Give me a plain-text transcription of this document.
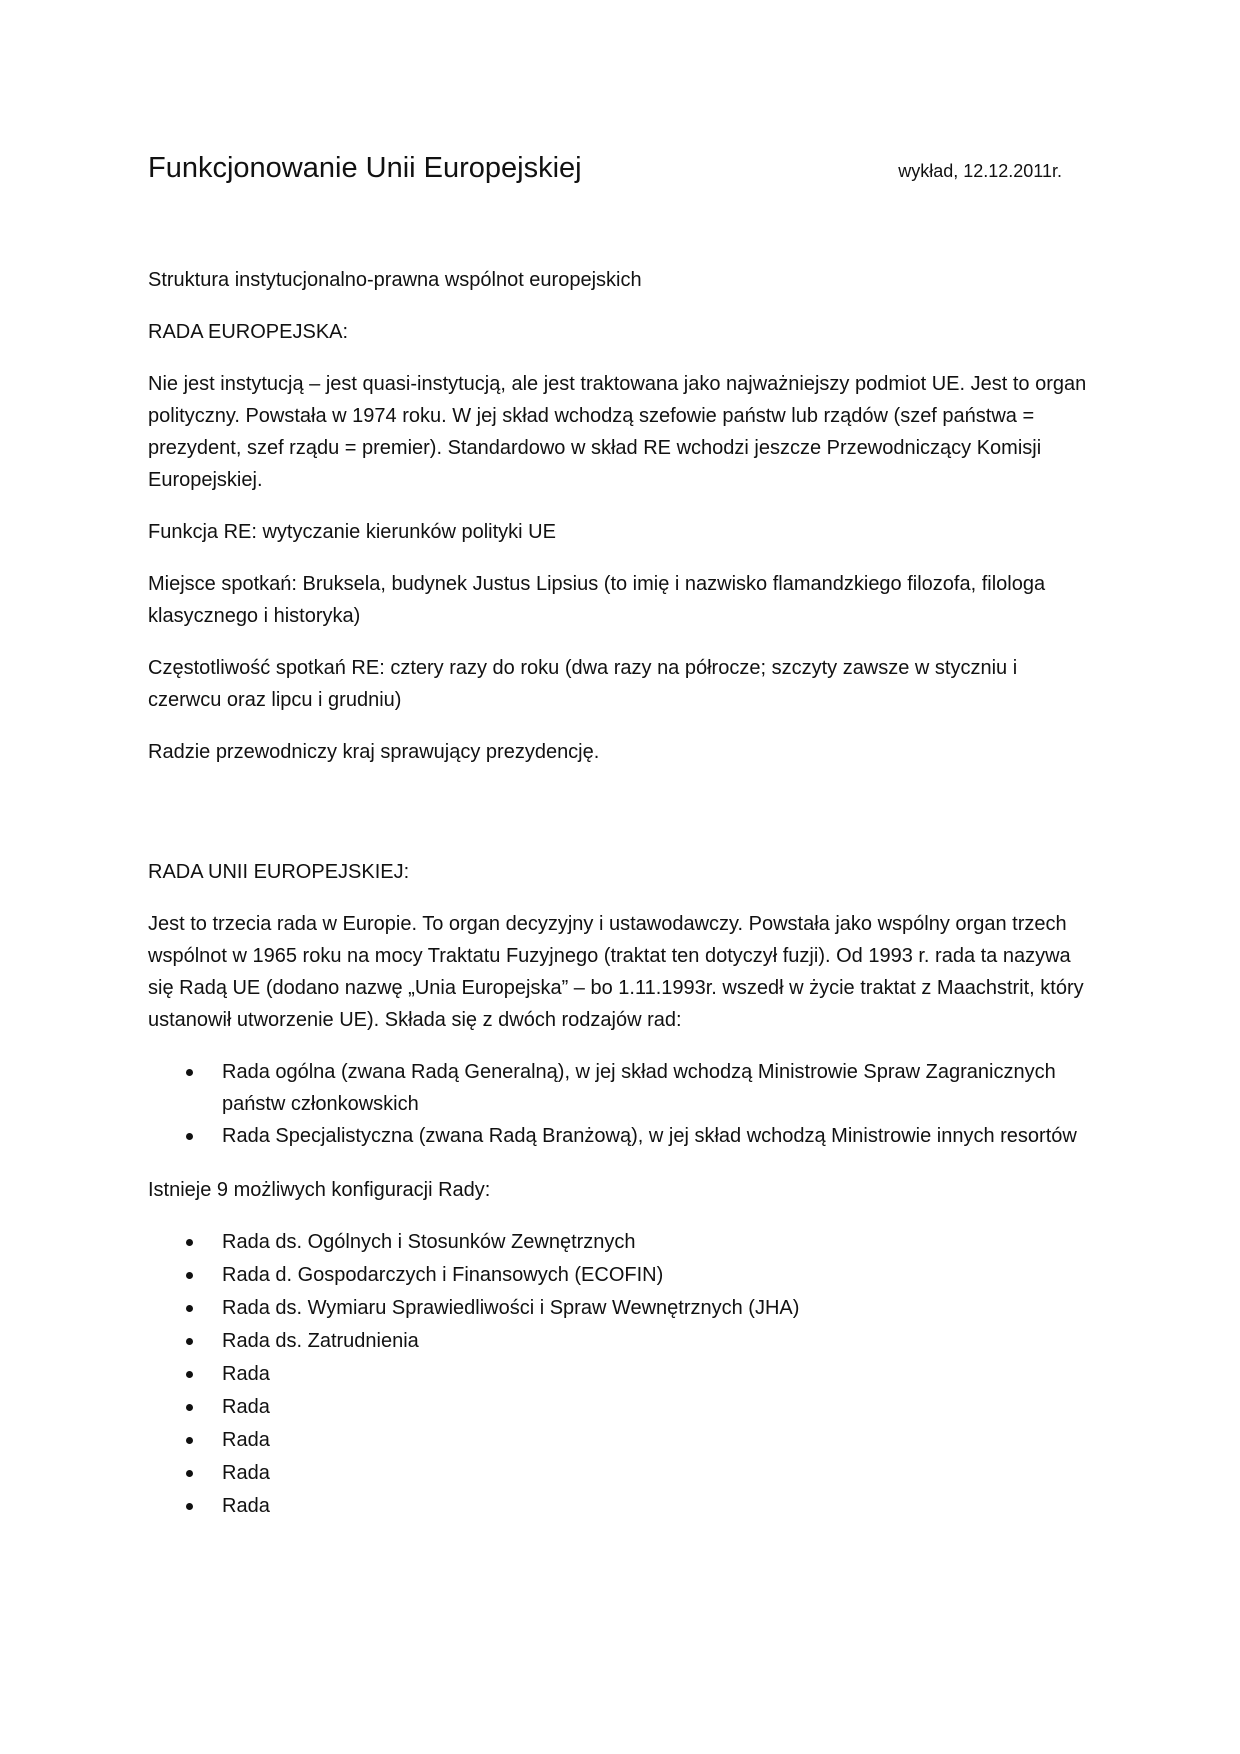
Funkcjonowanie Unii Europejskiej	wykład, 12.12.2011r.

Struktura instytucjonalno-prawna wspólnot europejskich

RADA EUROPEJSKA:

Nie jest instytucją – jest quasi-instytucją, ale jest traktowana jako najważniejszy podmiot UE. Jest to organ polityczny. Powstała w 1974 roku. W jej skład wchodzą szefowie państw lub rządów (szef państwa = prezydent, szef rządu = premier). Standardowo w skład RE wchodzi jeszcze Przewodniczący Komisji Europejskiej.

Funkcja RE: wytyczanie kierunków polityki UE

Miejsce spotkań: Bruksela, budynek Justus Lipsius (to imię i nazwisko flamandzkiego filozofa, filologa klasycznego i historyka)

Częstotliwość spotkań RE: cztery razy do roku (dwa razy na półrocze; szczyty zawsze w styczniu i czerwcu oraz lipcu i grudniu)

Radzie przewodniczy kraj sprawujący prezydencję.

RADA UNII EUROPEJSKIEJ:

Jest to trzecia rada w Europie. To organ decyzyjny i ustawodawczy. Powstała jako wspólny organ trzech wspólnot w 1965 roku na mocy Traktatu Fuzyjnego (traktat ten dotyczył fuzji). Od 1993 r. rada ta nazywa się Radą UE (dodano nazwę „Unia Europejska” – bo 1.11.1993r. wszedł w życie traktat z Maachstrit, który ustanowił utworzenie UE). Składa się z dwóch rodzajów rad:

Rada ogólna (zwana Radą Generalną), w jej skład wchodzą Ministrowie Spraw Zagranicznych państw członkowskich
Rada Specjalistyczna (zwana Radą Branżową), w jej skład wchodzą Ministrowie innych resortów

Istnieje 9 możliwych konfiguracji Rady:

Rada ds. Ogólnych i Stosunków Zewnętrznych
Rada d. Gospodarczych i Finansowych (ECOFIN)
Rada ds. Wymiaru Sprawiedliwości i Spraw Wewnętrznych (JHA)
Rada ds. Zatrudnienia
Rada
Rada
Rada
Rada
Rada
